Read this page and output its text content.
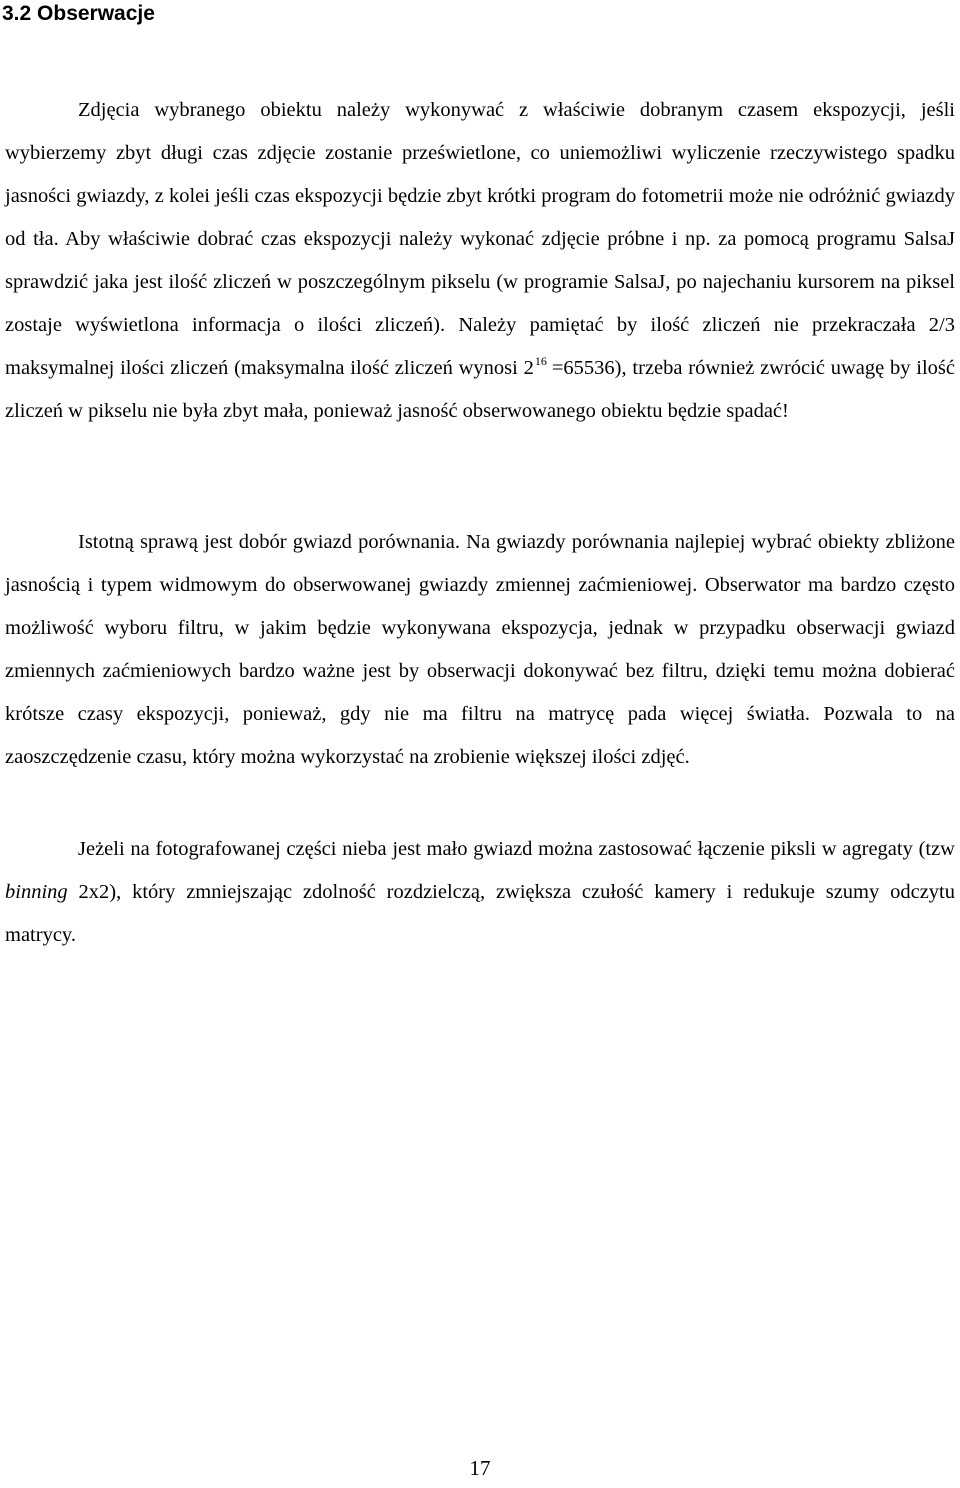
3.2 Obserwacje

Zdjęcia wybranego obiektu należy wykonywać z właściwie dobranym czasem ekspozycji, jeśli wybierzemy zbyt długi czas zdjęcie zostanie prześwietlone, co uniemożliwi wyliczenie rzeczywistego spadku jasności gwiazdy, z kolei jeśli czas ekspozycji będzie zbyt krótki program do fotometrii może nie odróżnić gwiazdy od tła. Aby właściwie dobrać czas ekspozycji należy wykonać zdjęcie próbne i np. za pomocą programu SalsaJ sprawdzić jaka jest ilość zliczeń w poszczególnym pikselu (w programie SalsaJ, po najechaniu kursorem na piksel zostaje wyświetlona informacja o ilości zliczeń). Należy pamiętać by ilość zliczeń nie przekraczała 2/3 maksymalnej ilości zliczeń (maksymalna ilość zliczeń wynosi $2^{16} =65536$), trzeba również zwrócić uwagę by ilość zliczeń w pikselu nie była zbyt mała, ponieważ jasność obserwowanego obiektu będzie spadać!

Istotną sprawą jest dobór gwiazd porównania. Na gwiazdy porównania najlepiej wybrać obiekty zbliżone jasnością i typem widmowym do obserwowanej gwiazdy zmiennej zaćmieniowej. Obserwator ma bardzo często możliwość wyboru filtru, w jakim będzie wykonywana ekspozycja, jednak w przypadku obserwacji gwiazd zmiennych zaćmieniowych bardzo ważne jest by obserwacji dokonywać bez filtru, dzięki temu można dobierać krótsze czasy ekspozycji, ponieważ, gdy nie ma filtru na matrycę pada więcej światła. Pozwala to na zaoszczędzenie czasu, który można wykorzystać na zrobienie większej ilości zdjęć.

Jeżeli na fotografowanej części nieba jest mało gwiazd można zastosować łączenie piksli w agregaty (tzw binning 2x2), który zmniejszając zdolność rozdzielczą, zwiększa czułość kamery i redukuje szumy odczytu matrycy.

17
